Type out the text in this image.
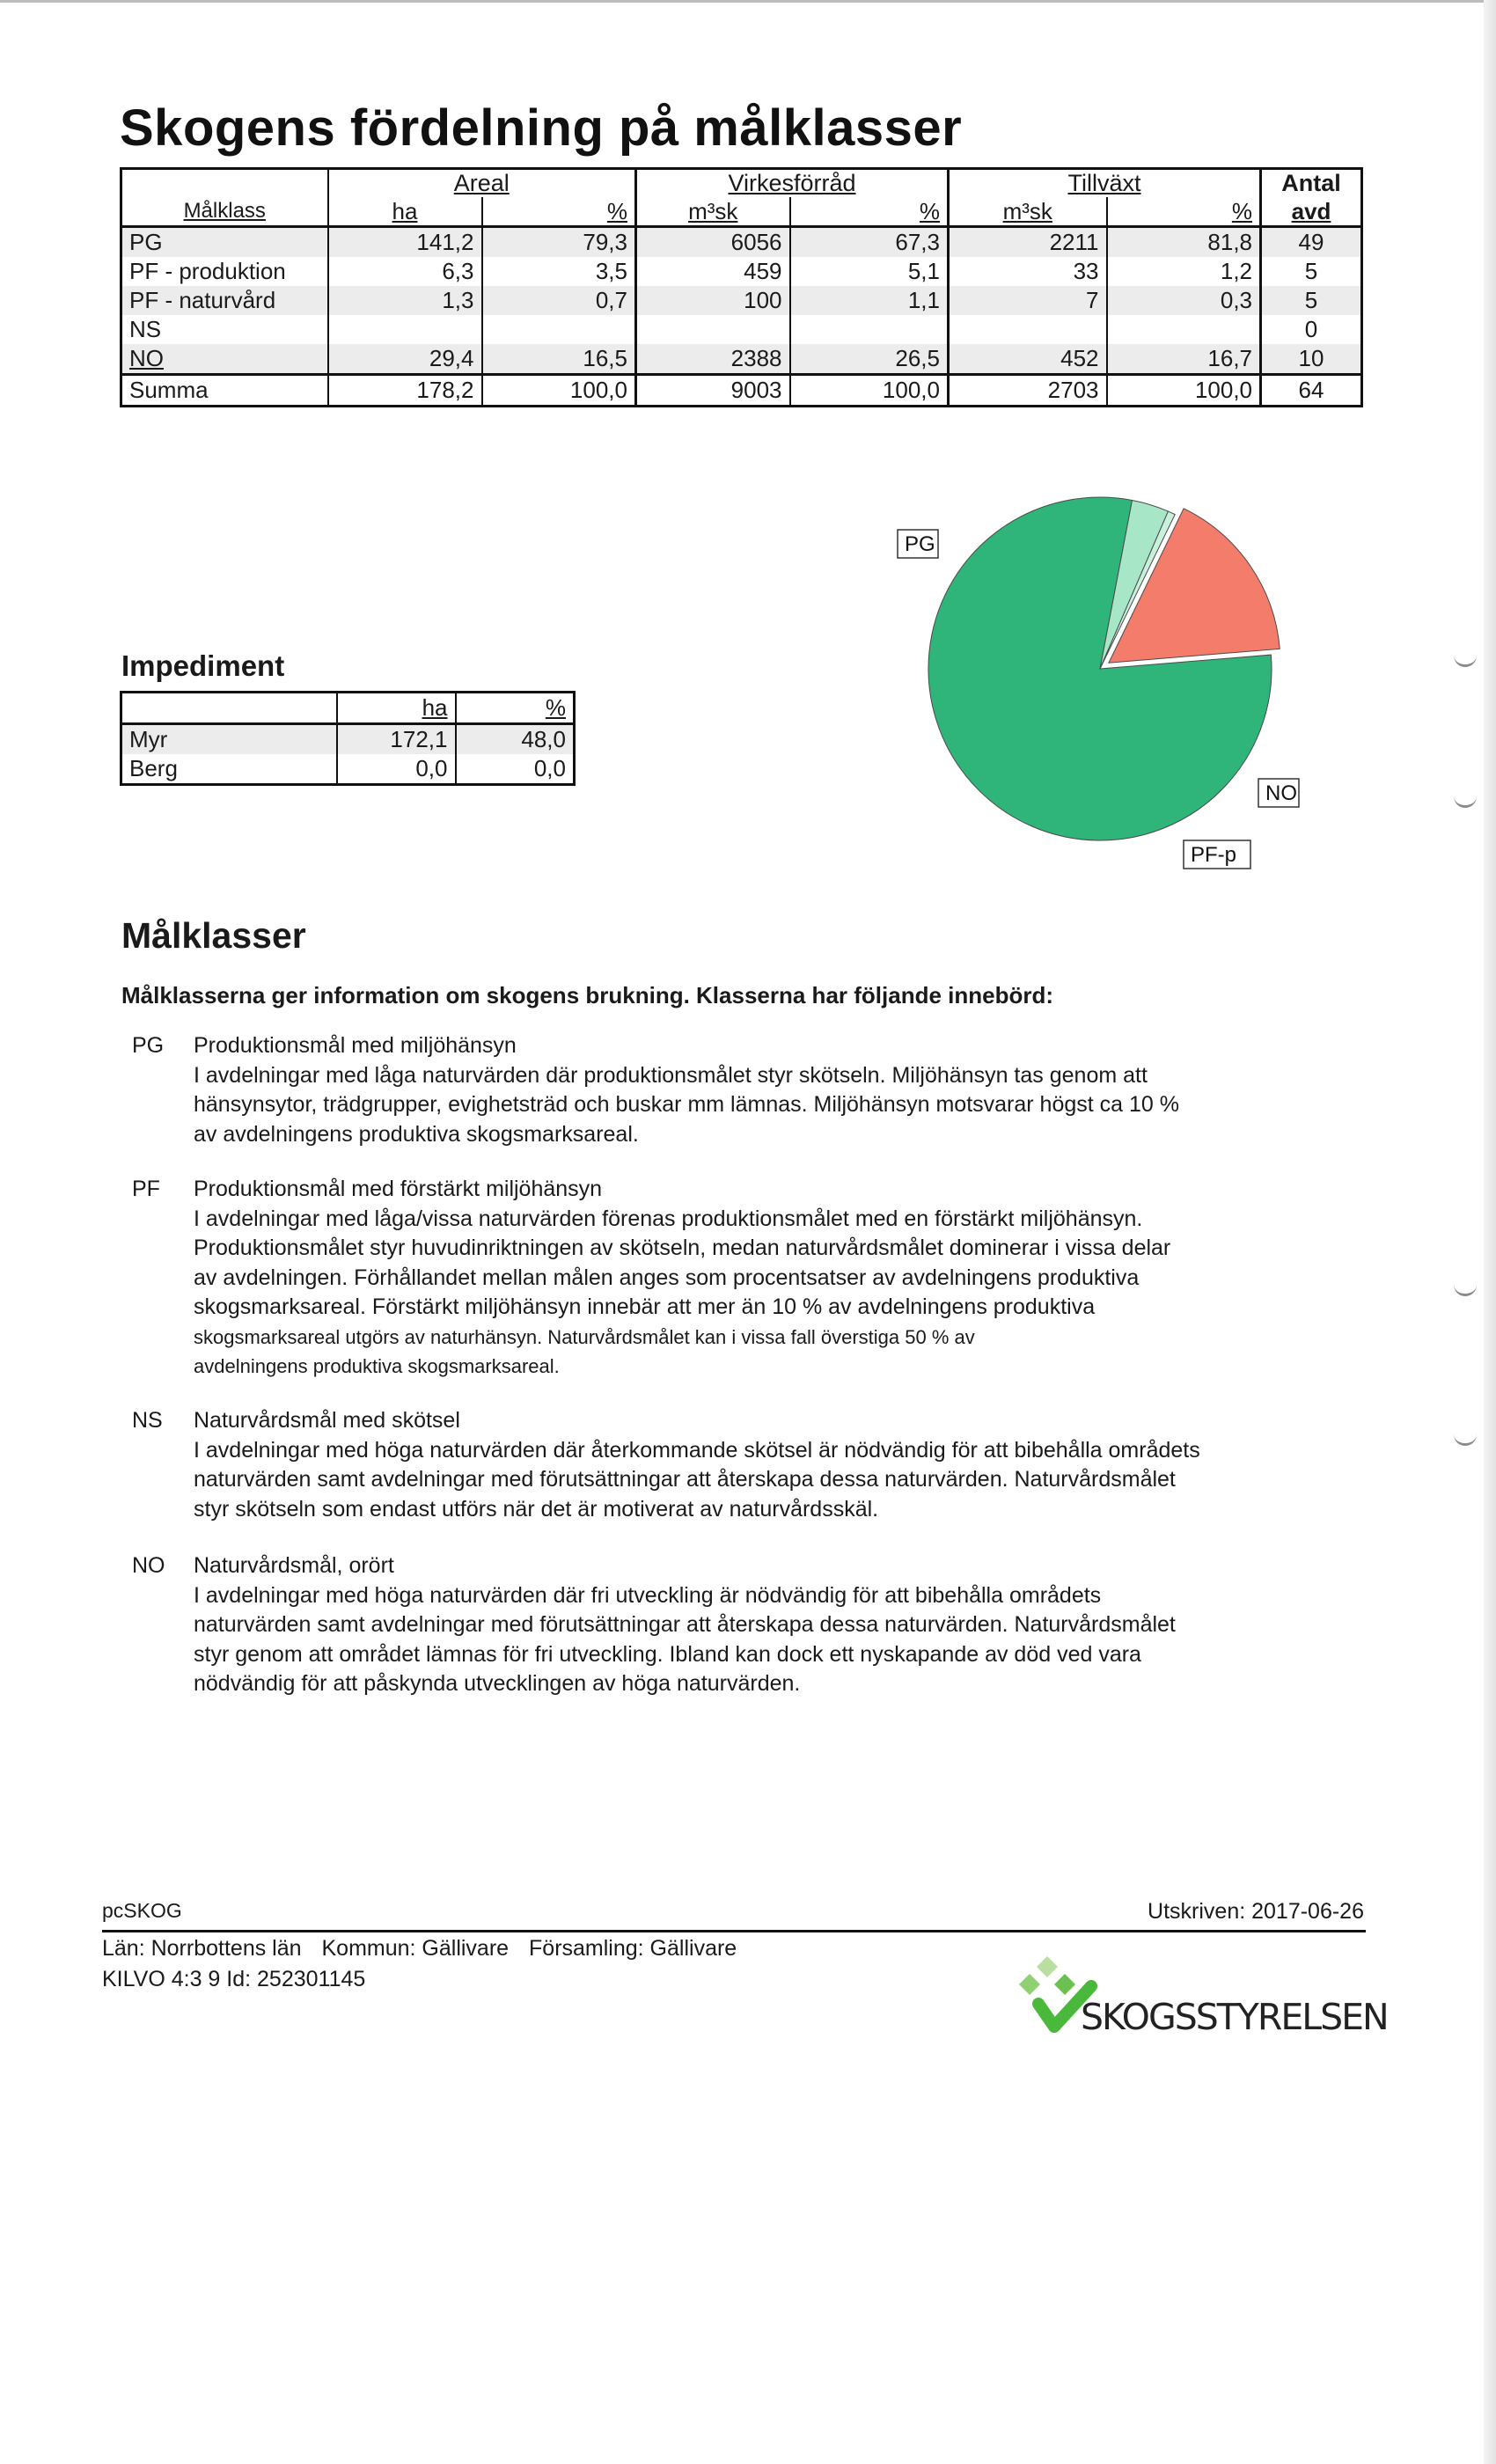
Skogens fördelning på målklasser
	Areal		Virkesförråd		Tillväxt		Antal
Målklass	ha	%	m³sk	%	m³sk	%	avd
PG	141,2	79,3	6056	67,3	2211	81,8	49
PF - produktion	6,3	3,5	459	5,1	33	1,2	5
PF - naturvård	1,3	0,7	100	1,1	7	0,3	5
NS							0
NO	29,4	16,5	2388	26,5	452	16,7	10
Summa	178,2	100,0	9003	100,0	2703	100,0	64
Impediment
	ha	%
Myr	172,1	48,0
Berg	0,0	0,0
PG
PF-p
NO
Målklasser

Målklasserna ger information om skogens brukning. Klasserna har följande innebörd:

PG	Produktionsmål med miljöhänsyn
I avdelningar med låga naturvärden där produktionsmålet styr skötseln. Miljöhänsyn tas genom att
hänsynsytor, trädgrupper, evighetsträd och buskar mm lämnas. Miljöhänsyn motsvarar högst ca 10 %
av avdelningens produktiva skogsmarksareal.
PF	Produktionsmål med förstärkt miljöhänsyn
I avdelningar med låga/vissa naturvärden förenas produktionsmålet med en förstärkt miljöhänsyn.
Produktionsmålet styr huvudinriktningen av skötseln, medan naturvårdsmålet dominerar i vissa delar
av avdelningen. Förhållandet mellan målen anges som procentsatser av avdelningens produktiva
skogsmarksareal. Förstärkt miljöhänsyn innebär att mer än 10 % av avdelningens produktiva
skogsmarksareal utgörs av naturhänsyn. Naturvårdsmålet kan i vissa fall överstiga 50 % av
avdelningens produktiva skogsmarksareal.
NS	Naturvårdsmål med skötsel
I avdelningar med höga naturvärden där återkommande skötsel är nödvändig för att bibehålla områdets
naturvärden samt avdelningar med förutsättningar att återskapa dessa naturvärden. Naturvårdsmålet
styr skötseln som endast utförs när det är motiverat av naturvårdsskäl.
NO	Naturvårdsmål, orört
I avdelningar med höga naturvärden där fri utveckling är nödvändig för att bibehålla områdets
naturvärden samt avdelningar med förutsättningar att återskapa dessa naturvärden. Naturvårdsmålet
styr genom att området lämnas för fri utveckling. Ibland kan dock ett nyskapande av död ved vara
nödvändig för att påskynda utvecklingen av höga naturvärden.
pcSKOG	Utskriven: 2017-06-26
Län: Norrbottens län Kommun: Gällivare Församling: Gällivare
KILVO 4:3 9 Id: 252301145
SKOGSSTYRELSEN
